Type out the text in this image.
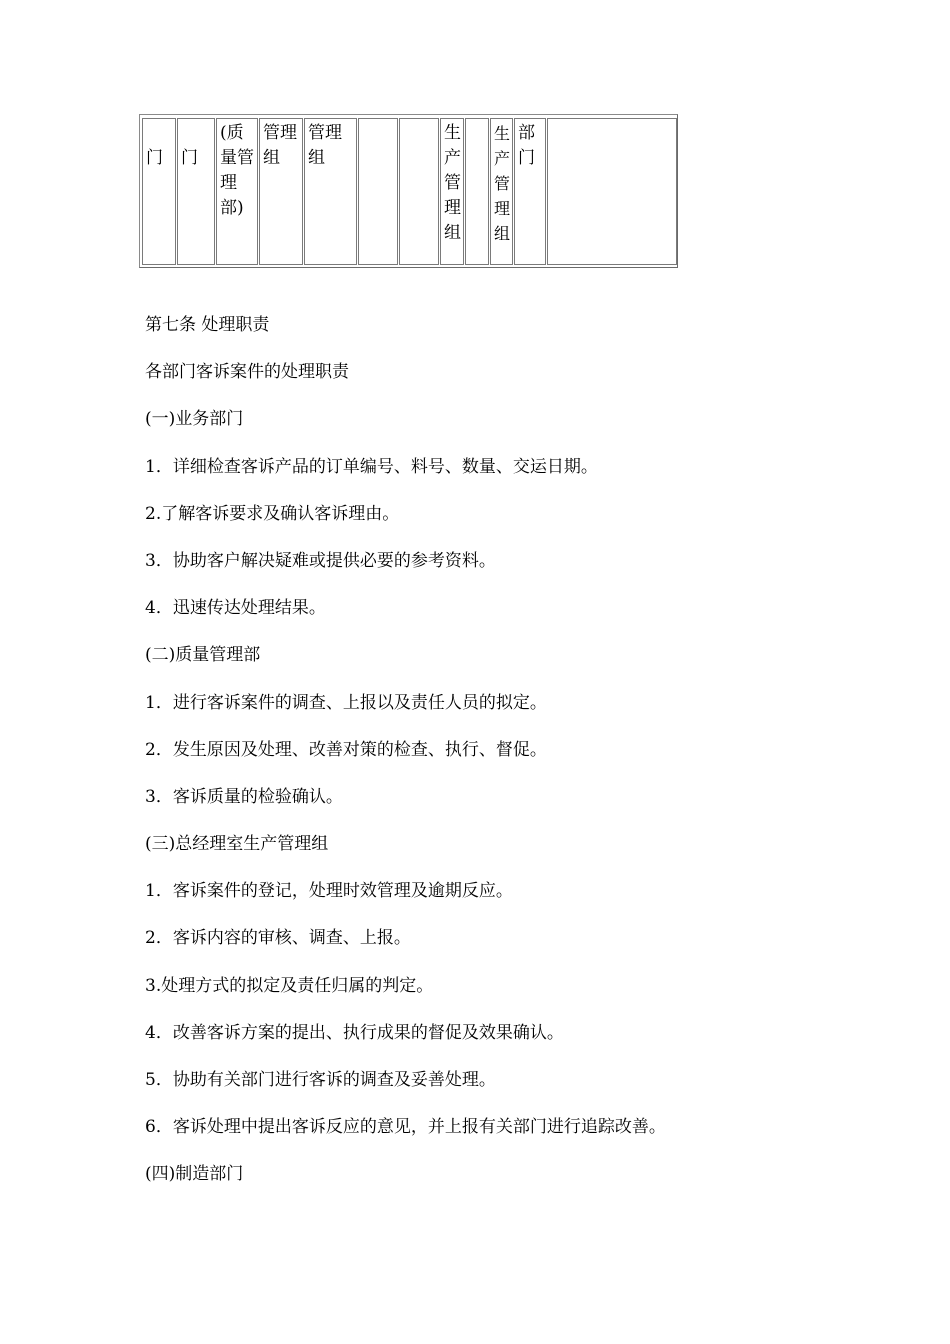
门	门
(质量管理部)
管理组
管理组
生产管理组
生产管理组
部门
第七条 处理职责
各部门客诉案件的处理职责
(一)业务部门
1．详细检查客诉产品的订单编号、料号、数量、交运日期。
2.了解客诉要求及确认客诉理由。
3．协助客户解决疑难或提供必要的参考资料。
4．迅速传达处理结果。
(二)质量管理部
1．进行客诉案件的调查、上报以及责任人员的拟定。
2．发生原因及处理、改善对策的检查、执行、督促。
3．客诉质量的检验确认。
(三)总经理室生产管理组
1．客诉案件的登记，处理时效管理及逾期反应。
2．客诉内容的审核、调查、上报。
3.处理方式的拟定及责任归属的判定。
4．改善客诉方案的提出、执行成果的督促及效果确认。
5．协助有关部门进行客诉的调查及妥善处理。
6．客诉处理中提出客诉反应的意见，并上报有关部门进行追踪改善。
(四)制造部门
